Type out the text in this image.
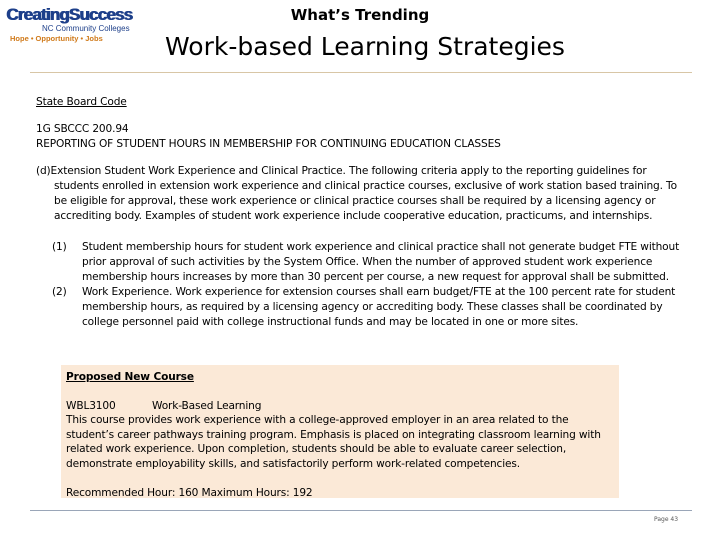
CreatingSuccess
NC Community Colleges
Hope • Opportunity • Jobs
What’s Trending
Work-based Learning Strategies
State Board Code
1G SBCCC 200.94
REPORTING OF STUDENT HOURS IN MEMBERSHIP FOR CONTINUING EDUCATION CLASSES

(d)Extension Student Work Experience and Clinical Practice. The following criteria apply to the reporting guidelines for students enrolled in extension work experience and clinical practice courses, exclusive of work station based training. To be eligible for approval, these work experience or clinical practice courses shall be required by a licensing agency or accrediting body. Examples of student work experience include cooperative education, practicums, and internships.

(1)	Student membership hours for student work experience and clinical practice shall not generate budget FTE without prior approval of such activities by the System Office. When the number of approved student work experience membership hours increases by more than 30 percent per course, a new request for approval shall be submitted.
(2)	Work Experience. Work experience for extension courses shall earn budget/FTE at the 100 percent rate for student membership hours, as required by a licensing agency or accrediting body. These classes shall be coordinated by college personnel paid with college instructional funds and may be located in one or more sites.
Proposed New Course
WBL3100	Work-Based Learning
This course provides work experience with a college-approved employer in an area related to the student’s career pathways training program. Emphasis is placed on integrating classroom learning with related work experience. Upon completion, students should be able to evaluate career selection, demonstrate employability skills, and satisfactorily perform work-related competencies.
Recommended Hour: 160 Maximum Hours: 192
Page 43
